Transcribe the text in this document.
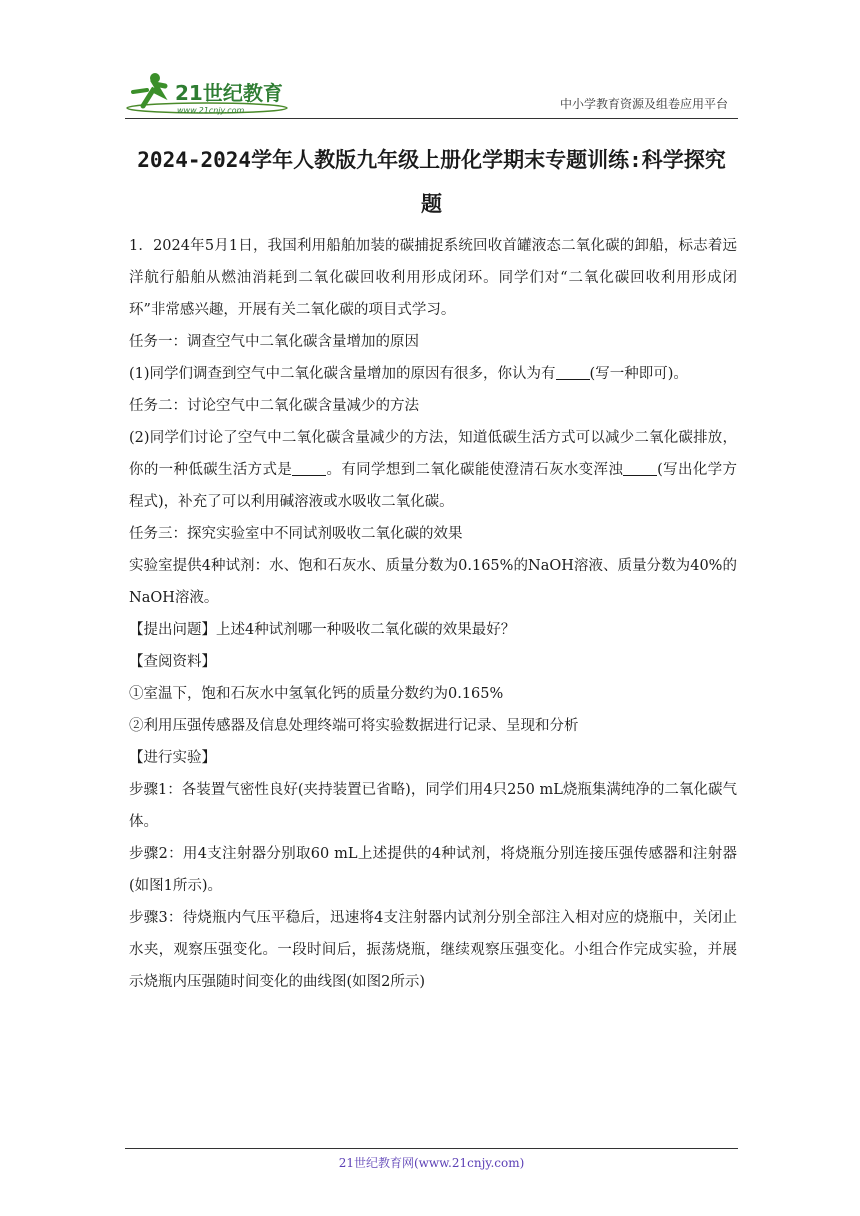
21世纪教育
www.21cnjy.com	中小学教育资源及组卷应用平台
2024-2024学年人教版九年级上册化学期末专题训练:科学探究
题

1．2024年5月1日，我国利用船舶加装的碳捕捉系统回收首罐液态二氧化碳的卸船，标志着远洋航行船舶从燃油消耗到二氧化碳回收利用形成闭环。同学们对“二氧化碳回收利用形成闭环”非常感兴趣，开展有关二氧化碳的项目式学习。

任务一：调查空气中二氧化碳含量增加的原因

(1)同学们调查到空气中二氧化碳含量增加的原因有很多，你认为有 (写一种即可)。

任务二：讨论空气中二氧化碳含量减少的方法

(2)同学们讨论了空气中二氧化碳含量减少的方法，知道低碳生活方式可以减少二氧化碳排放，你的一种低碳生活方式是 。有同学想到二氧化碳能使澄清石灰水变浑浊 (写出化学方程式)，补充了可以利用碱溶液或水吸收二氧化碳。

任务三：探究实验室中不同试剂吸收二氧化碳的效果

实验室提供4种试剂：水、饱和石灰水、质量分数为0.165%的NaOH溶液、质量分数为40%的NaOH溶液。

【提出问题】上述4种试剂哪一种吸收二氧化碳的效果最好？

【查阅资料】

①室温下，饱和石灰水中氢氧化钙的质量分数约为0.165%

②利用压强传感器及信息处理终端可将实验数据进行记录、呈现和分析

【进行实验】

步骤1：各装置气密性良好(夹持装置已省略)，同学们用4只250 mL烧瓶集满纯净的二氧化碳气体。

步骤2：用4支注射器分别取60 mL上述提供的4种试剂，将烧瓶分别连接压强传感器和注射器(如图1所示)。

步骤3：待烧瓶内气压平稳后，迅速将4支注射器内试剂分别全部注入相对应的烧瓶中，关闭止水夹，观察压强变化。一段时间后，振荡烧瓶，继续观察压强变化。小组合作完成实验，并展示烧瓶内压强随时间变化的曲线图(如图2所示)

21世纪教育网(www.21cnjy.com)
